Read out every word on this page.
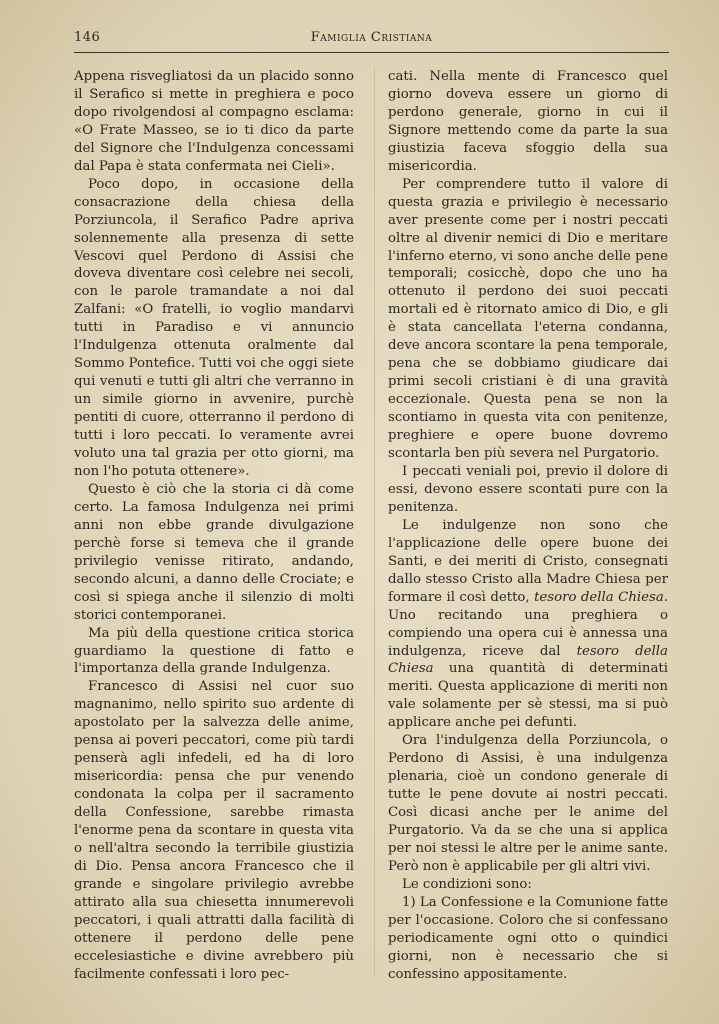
146	Famiglia Cristiana

Appena risvegliatosi da un placido sonno il Serafico si mette in preghiera e poco dopo rivolgendosi al compagno esclama: «O Frate Masseo, se io ti dico da parte del Signore che l'Indulgenza concessami dal Papa è stata confermata nei Cieli».

Poco dopo, in occasione della consacrazione della chiesa della Porziuncola, il Serafico Padre apriva solennemente alla presenza di sette Vescovi quel Perdono di Assisi che doveva diventare così celebre nei secoli, con le parole tramandate a noi dal Zalfani: «O fratelli, io voglio mandarvi tutti in Paradiso e vi annuncio l'Indulgenza ottenuta oralmente dal Sommo Pontefice. Tutti voi che oggi siete qui venuti e tutti gli altri che verranno in un simile giorno in avvenire, purchè pentiti di cuore, otterranno il perdono di tutti i loro peccati. Io veramente avrei voluto una tal grazia per otto giorni, ma non l'ho potuta ottenere».

Questo è ciò che la storia ci dà come certo. La famosa Indulgenza nei primi anni non ebbe grande divulgazione perchè forse si temeva che il grande privilegio venisse ritirato, andando, secondo alcuni, a danno delle Crociate; e così si spiega anche il silenzio di molti storici contemporanei.

Ma più della questione critica storica guardiamo la questione di fatto e l'importanza della grande Indulgenza.

Francesco di Assisi nel cuor suo magnanimo, nello spirito suo ardente di apostolato per la salvezza delle anime, pensa ai poveri peccatori, come più tardi penserà agli infedeli, ed ha di loro misericordia: pensa che pur venendo condonata la colpa per il sacramento della Confessione, sarebbe rimasta l'enorme pena da scontare in questa vita o nell'altra secondo la terribile giustizia di Dio. Pensa ancora Francesco che il grande e singolare privilegio avrebbe attirato alla sua chiesetta innumerevoli peccatori, i quali attratti dalla facilità di ottenere il perdono delle pene eccelesiastiche e divine avrebbero più facilmente confessati i loro pec-

cati. Nella mente di Francesco quel giorno doveva essere un giorno di perdono generale, giorno in cui il Signore mettendo come da parte la sua giustizia faceva sfoggio della sua misericordia.

Per comprendere tutto il valore di questa grazia e privilegio è necessario aver presente come per i nostri peccati oltre al divenir nemici di Dio e meritare l'inferno eterno, vi sono anche delle pene temporali; cosicchè, dopo che uno ha ottenuto il perdono dei suoi peccati mortali ed è ritornato amico di Dio, e gli è stata cancellata l'eterna condanna, deve ancora scontare la pena temporale, pena che se dobbiamo giudicare dai primi secoli cristiani è di una gravità eccezionale. Questa pena se non la scontiamo in questa vita con penitenze, preghiere e opere buone dovremo scontarla ben più severa nel Purgatorio.

I peccati veniali poi, previo il dolore di essi, devono essere scontati pure con la penitenza.

Le indulgenze non sono che l'applicazione delle opere buone dei Santi, e dei meriti di Cristo, consegnati dallo stesso Cristo alla Madre Chiesa per formare il così detto, tesoro della Chiesa. Uno recitando una preghiera o compiendo una opera cui è annessa una indulgenza, riceve dal tesoro della Chiesa una quantità di determinati meriti. Questa applicazione di meriti non vale solamente per sè stessi, ma si può applicare anche pei defunti.

Ora l'indulgenza della Porziuncola, o Perdono di Assisi, è una indulgenza plenaria, cioè un condono generale di tutte le pene dovute ai nostri peccati. Così dicasi anche per le anime del Purgatorio. Va da se che una si applica per noi stessi le altre per le anime sante. Però non è applicabile per gli altri vivi.

Le condizioni sono:

1) La Confessione e la Comunione fatte per l'occasione. Coloro che si confessano periodicamente ogni otto o quindici giorni, non è necessario che si confessino appositamente.
